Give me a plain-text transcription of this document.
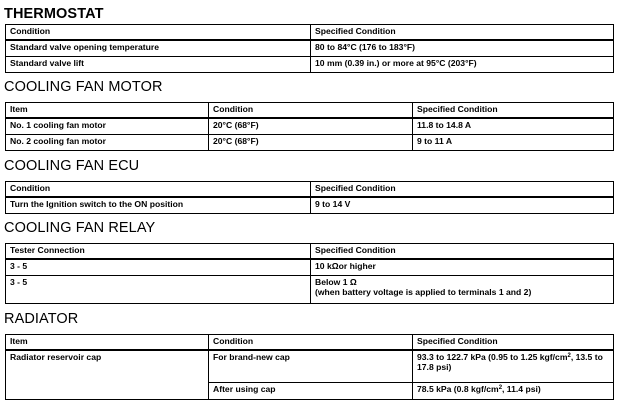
THERMOSTAT
Condition	Specified Condition
Standard valve opening temperature	80 to 84°C (176 to 183°F)
Standard valve lift	10 mm (0.39 in.) or more at 95°C (203°F)
COOLING FAN MOTOR
Item	Condition	Specified Condition
No. 1 cooling fan motor	20°C (68°F)	11.8 to 14.8 A
No. 2 cooling fan motor	20°C (68°F)	9 to 11 A
COOLING FAN ECU
Condition	Specified Condition
Turn the Ignition switch to the ON position	9 to 14 V
COOLING FAN RELAY
Tester Connection	Specified Condition
3 - 5	10 kΩor higher
3 - 5	Below 1 Ω
(when battery voltage is applied to terminals 1 and 2)
RADIATOR
Item	Condition	Specified Condition
Radiator reservoir cap	For brand-new cap	93.3 to 122.7 kPa (0.95 to 1.25 kgf/$cm^2$, 13.5 to 17.8 psi)
	After using cap	78.5 kPa (0.8 kgf/$cm^2$, 11.4 psi)
